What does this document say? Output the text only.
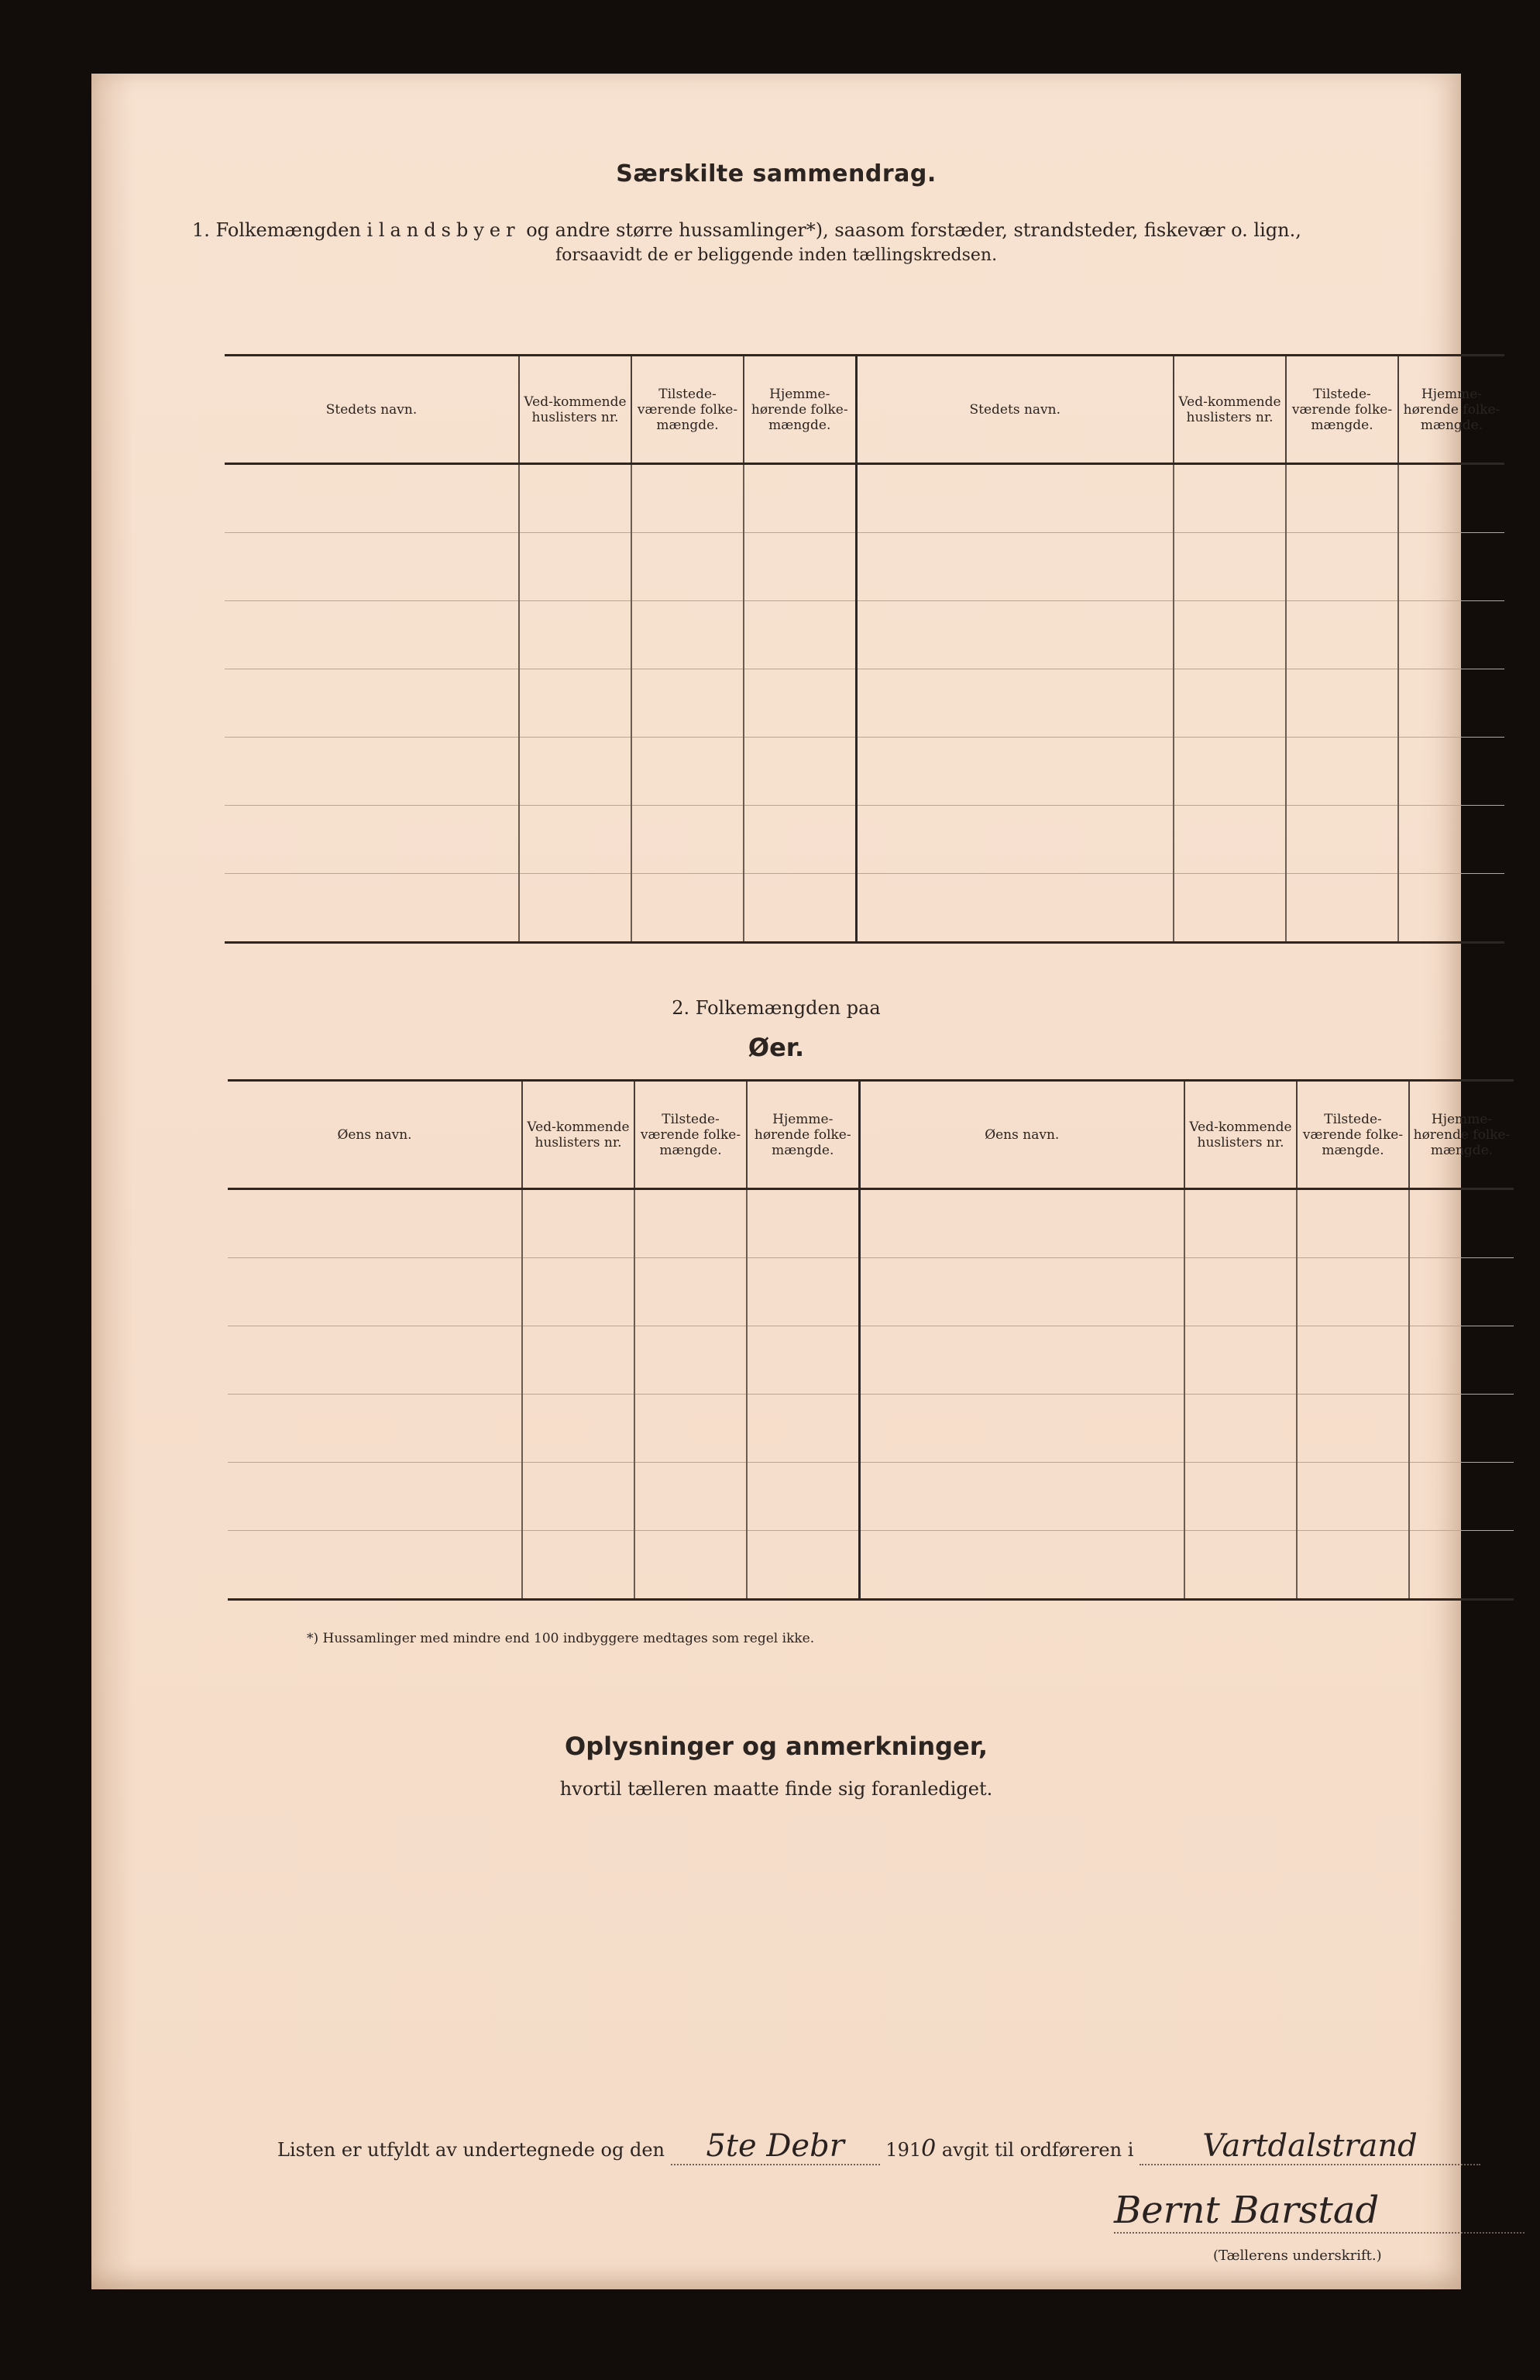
Særskilte sammendrag.
1. Folkemængden i landsbyer og andre større hussamlinger*), saasom forstæder, strandsteder, fiskevær o. lign.,
forsaavidt de er beliggende inden tællingskredsen.
Stedets navn.	Ved-kommende huslisters nr.	Tilstede-værende folke-mængde.	Hjemme-hørende folke-mængde.	Stedets navn.	Ved-kommende huslisters nr.	Tilstede-værende folke-mængde.	Hjemme-hørende folke-mængde.

2. Folkemængden paa
Øer.
Øens navn.	Ved-kommende huslisters nr.	Tilstede-værende folke-mængde.	Hjemme-hørende folke-mængde.	Øens navn.	Ved-kommende huslisters nr.	Tilstede-værende folke-mængde.	Hjemme-hørende folke-mængde.

*) Hussamlinger med mindre end 100 indbyggere medtages som regel ikke.
Oplysninger og anmerkninger,
hvortil tælleren maatte finde sig foranlediget.
Listen er utfyldt av undertegnede og den 5te Debr 1910 avgit til ordføreren i Vartdalstrand
Bernt Barstad
(Tællerens underskrift.)
